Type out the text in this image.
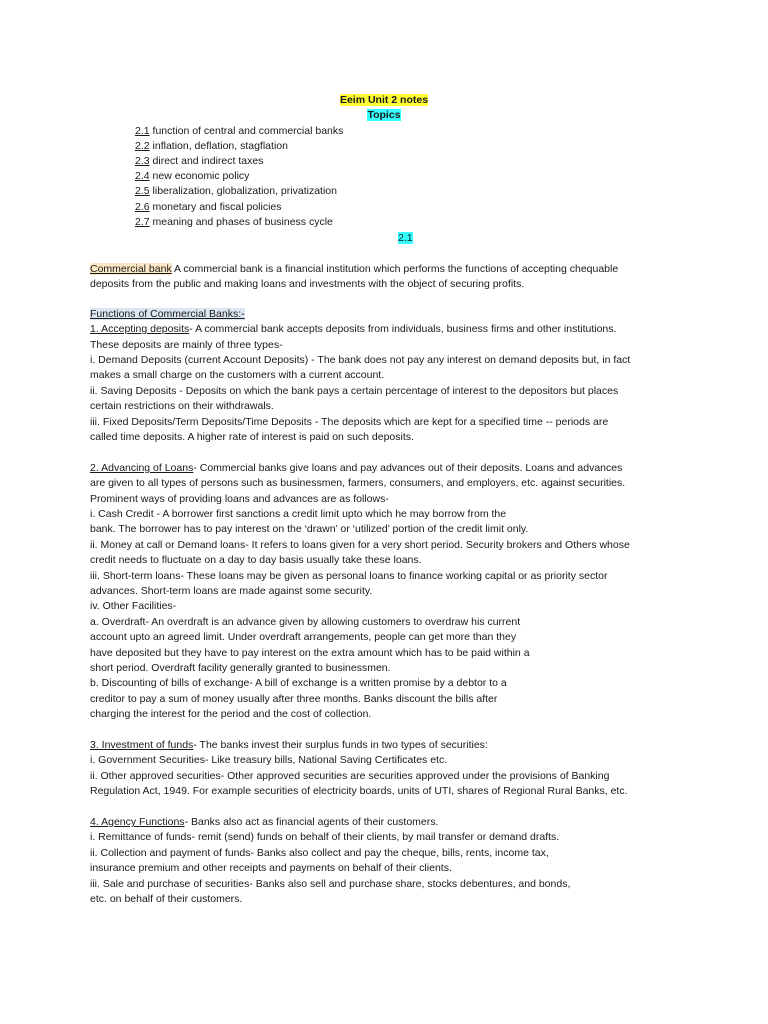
Eeim Unit 2 notes
Topics
2.1 function of central and commercial banks
2.2 inflation, deflation, stagflation
2.3 direct and indirect taxes
2.4 new economic policy
2.5 liberalization, globalization, privatization
2.6 monetary and fiscal policies
2.7 meaning and phases of business cycle
2.1
Commercial bank A commercial bank is a financial institution which performs the functions of accepting chequable
deposits from the public and making loans and investments with the object of securing profits.
Functions of Commercial Banks:-
1. Accepting deposits- A commercial bank accepts deposits from individuals, business firms and other institutions.
These deposits are mainly of three types-
i. Demand Deposits (current Account Deposits) - The bank does not pay any interest on demand deposits but, in fact
makes a small charge on the customers with a current account.
ii. Saving Deposits - Deposits on which the bank pays a certain percentage of interest to the depositors but places
certain restrictions on their withdrawals.
iii. Fixed Deposits/Term Deposits/Time Deposits - The deposits which are kept for a specified time -- periods are
called time deposits. A higher rate of interest is paid on such deposits.
2. Advancing of Loans- Commercial banks give loans and pay advances out of their deposits. Loans and advances
are given to all types of persons such as businessmen, farmers, consumers, and employers, etc. against securities.
Prominent ways of providing loans and advances are as follows-
i. Cash Credit - A borrower first sanctions a credit limit upto which he may borrow from the
bank. The borrower has to pay interest on the ‘drawn’ or ‘utilized’ portion of the credit limit only.
ii. Money at call or Demand loans- It refers to loans given for a very short period. Security brokers and Others whose
credit needs to fluctuate on a day to day basis usually take these loans.
iii. Short-term loans- These loans may be given as personal loans to finance working capital or as priority sector
advances. Short-term loans are made against some security.
iv. Other Facilities-
a. Overdraft- An overdraft is an advance given by allowing customers to overdraw his current
account upto an agreed limit. Under overdraft arrangements, people can get more than they
have deposited but they have to pay interest on the extra amount which has to be paid within a
short period. Overdraft facility generally granted to businessmen.
b. Discounting of bills of exchange- A bill of exchange is a written promise by a debtor to a
creditor to pay a sum of money usually after three months. Banks discount the bills after
charging the interest for the period and the cost of collection.
3. Investment of funds- The banks invest their surplus funds in two types of securities:
i. Government Securities- Like treasury bills, National Saving Certificates etc.
ii. Other approved securities- Other approved securities are securities approved under the provisions of Banking
Regulation Act, 1949. For example securities of electricity boards, units of UTI, shares of Regional Rural Banks, etc.
4. Agency Functions- Banks also act as financial agents of their customers.
i. Remittance of funds- remit (send) funds on behalf of their clients, by mail transfer or demand drafts.
ii. Collection and payment of funds- Banks also collect and pay the cheque, bills, rents, income tax,
insurance premium and other receipts and payments on behalf of their clients.
iii. Sale and purchase of securities- Banks also sell and purchase share, stocks debentures, and bonds,
etc. on behalf of their customers.
